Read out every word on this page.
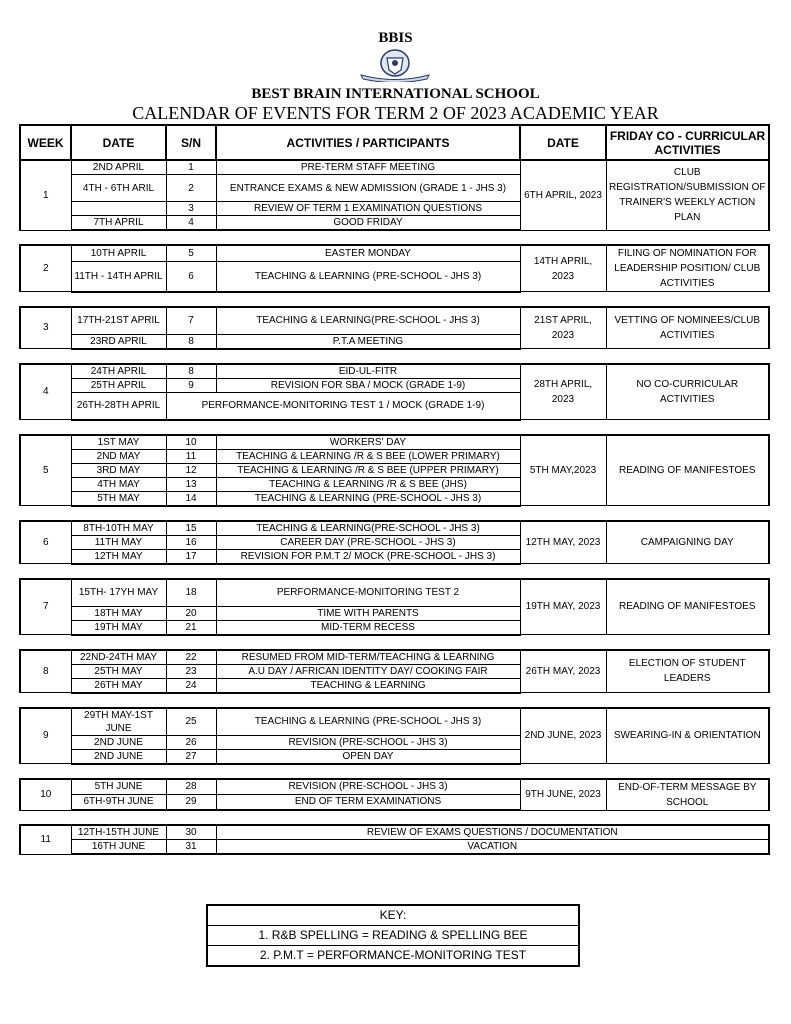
BBIS
BEST BRAIN INTERNATIONAL SCHOOL
CALENDAR OF EVENTS FOR TERM 2 OF 2023 ACADEMIC YEAR
WEEK	DATE	S/N	ACTIVITIES / PARTICIPANTS	DATE	FRIDAY CO - CURRICULAR ACTIVITIES
1	2ND APRIL	1	PRE-TERM STAFF MEETING	6TH APRIL, 2023	CLUB REGISTRATION/SUBMISSION OF TRAINER'S WEEKLY ACTION PLAN
	4TH - 6TH ARIL	2	ENTRANCE EXAMS & NEW ADMISSION (GRADE 1 - JHS 3)		
		3	REVIEW OF TERM 1 EXAMINATION QUESTIONS		
	7TH APRIL	4	GOOD FRIDAY		

2	10TH APRIL	5	EASTER MONDAY	14TH APRIL, 2023	FILING OF NOMINATION FOR LEADERSHIP POSITION/ CLUB ACTIVITIES
	11TH - 14TH APRIL	6	TEACHING & LEARNING (PRE-SCHOOL - JHS 3)		

3	17TH-21ST APRIL	7	TEACHING & LEARNING(PRE-SCHOOL - JHS 3)	21ST APRIL, 2023	VETTING OF NOMINEES/CLUB ACTIVITIES
	23RD APRIL	8	P.T.A MEETING		

4	24TH APRIL	8	EID-UL-FITR	28TH APRIL, 2023	NO CO-CURRICULAR ACTIVITIES
	25TH APRIL	9	REVISION FOR SBA / MOCK (GRADE 1-9)		
	26TH-28TH APRIL	PERFORMANCE-MONITORING TEST 1 / MOCK (GRADE 1-9)			

5	1ST MAY	10	WORKERS' DAY	5TH MAY,2023	READING OF MANIFESTOES
	2ND MAY	11	TEACHING & LEARNING /R & S BEE (LOWER PRIMARY)		
	3RD MAY	12	TEACHING & LEARNING /R & S BEE (UPPER PRIMARY)		
	4TH MAY	13	TEACHING & LEARNING /R & S BEE (JHS)		
	5TH MAY	14	TEACHING & LEARNING (PRE-SCHOOL - JHS 3)		

6	8TH-10TH MAY	15	TEACHING & LEARNING(PRE-SCHOOL - JHS 3)	12TH MAY, 2023	CAMPAIGNING DAY
	11TH MAY	16	CAREER DAY (PRE-SCHOOL - JHS 3)		
	12TH MAY	17	REVISION FOR P.M.T 2/ MOCK (PRE-SCHOOL - JHS 3)		

7	15TH- 17YH MAY	18	PERFORMANCE-MONITORING TEST 2	19TH MAY, 2023	READING OF MANIFESTOES
	18TH MAY	20	TIME WITH PARENTS		
	19TH MAY	21	MID-TERM RECESS		

8	22ND-24TH MAY	22	RESUMED FROM MID-TERM/TEACHING & LEARNING	26TH MAY, 2023	ELECTION OF STUDENT LEADERS
	25TH MAY	23	A.U DAY / AFRICAN IDENTITY DAY/ COOKING FAIR		
	26TH MAY	24	TEACHING & LEARNING		

9	29TH MAY-1ST JUNE	25	TEACHING & LEARNING (PRE-SCHOOL - JHS 3)	2ND JUNE, 2023	SWEARING-IN & ORIENTATION
	2ND JUNE	26	REVISION (PRE-SCHOOL - JHS 3)		
	2ND JUNE	27	OPEN DAY		

10	5TH JUNE	28	REVISION (PRE-SCHOOL - JHS 3)	9TH JUNE, 2023	END-OF-TERM MESSAGE BY SCHOOL
	6TH-9TH JUNE	29	END OF TERM EXAMINATIONS		

11	12TH-15TH JUNE	30	REVIEW OF EXAMS QUESTIONS / DOCUMENTATION		
	16TH JUNE	31	VACATION		
KEY:
1. R&B SPELLING = READING & SPELLING BEE
2. P.M.T = PERFORMANCE-MONITORING TEST
